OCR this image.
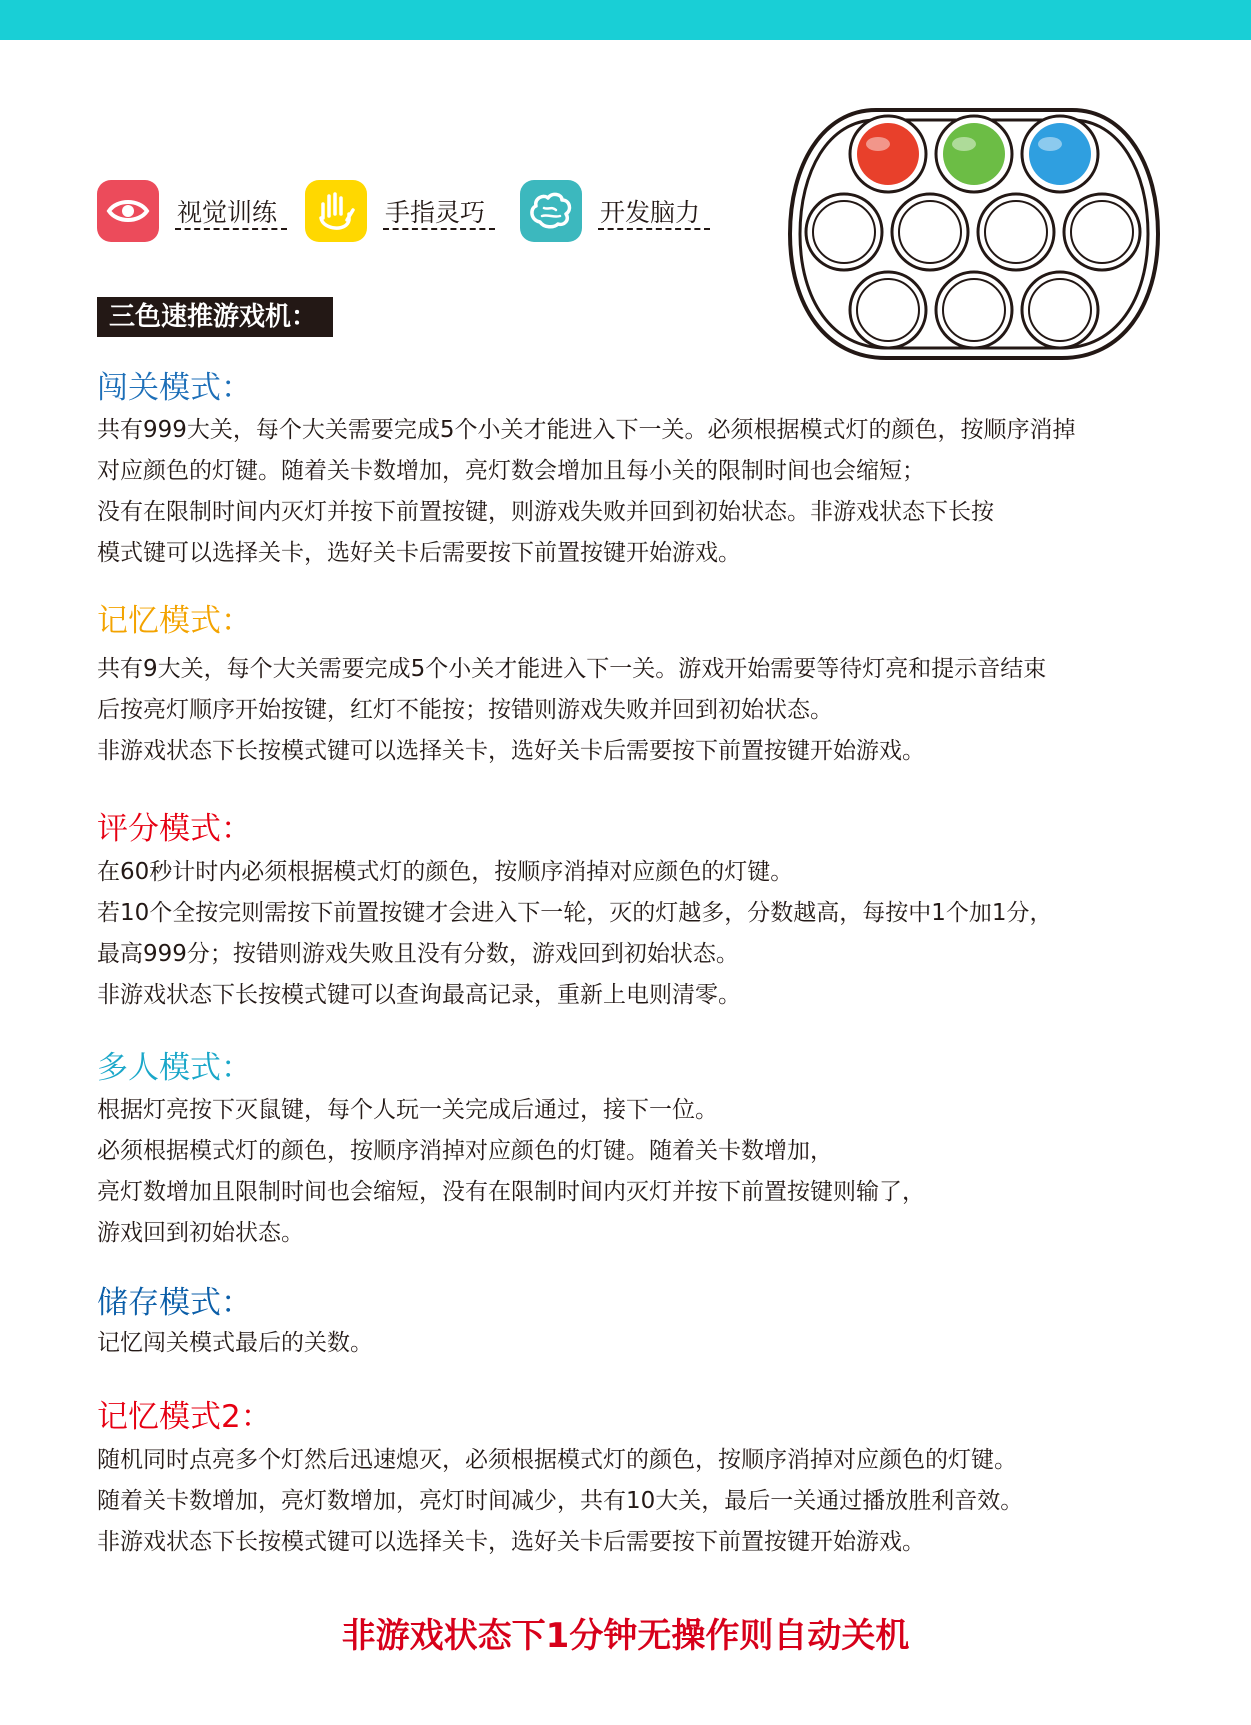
视觉训练	手指灵巧	开发脑力
三色速推游戏机：
闯关模式：
共有999大关，每个大关需要完成5个小关才能进入下一关。必须根据模式灯的颜色，按顺序消掉
对应颜色的灯键。随着关卡数增加，亮灯数会增加且每小关的限制时间也会缩短；
没有在限制时间内灭灯并按下前置按键，则游戏失败并回到初始状态。非游戏状态下长按
模式键可以选择关卡，选好关卡后需要按下前置按键开始游戏。
记忆模式：
共有9大关，每个大关需要完成5个小关才能进入下一关。游戏开始需要等待灯亮和提示音结束
后按亮灯顺序开始按键，红灯不能按；按错则游戏失败并回到初始状态。
非游戏状态下长按模式键可以选择关卡，选好关卡后需要按下前置按键开始游戏。
评分模式：
在60秒计时内必须根据模式灯的颜色，按顺序消掉对应颜色的灯键。
若10个全按完则需按下前置按键才会进入下一轮，灭的灯越多，分数越高，每按中1个加1分，
最高999分；按错则游戏失败且没有分数，游戏回到初始状态。
非游戏状态下长按模式键可以查询最高记录，重新上电则清零。
多人模式：
根据灯亮按下灭鼠键，每个人玩一关完成后通过，接下一位。
必须根据模式灯的颜色，按顺序消掉对应颜色的灯键。随着关卡数增加，
亮灯数增加且限制时间也会缩短，没有在限制时间内灭灯并按下前置按键则输了，
游戏回到初始状态。
储存模式：
记忆闯关模式最后的关数。
记忆模式2：
随机同时点亮多个灯然后迅速熄灭，必须根据模式灯的颜色，按顺序消掉对应颜色的灯键。
随着关卡数增加，亮灯数增加，亮灯时间减少，共有10大关，最后一关通过播放胜利音效。
非游戏状态下长按模式键可以选择关卡，选好关卡后需要按下前置按键开始游戏。
非游戏状态下1分钟无操作则自动关机
